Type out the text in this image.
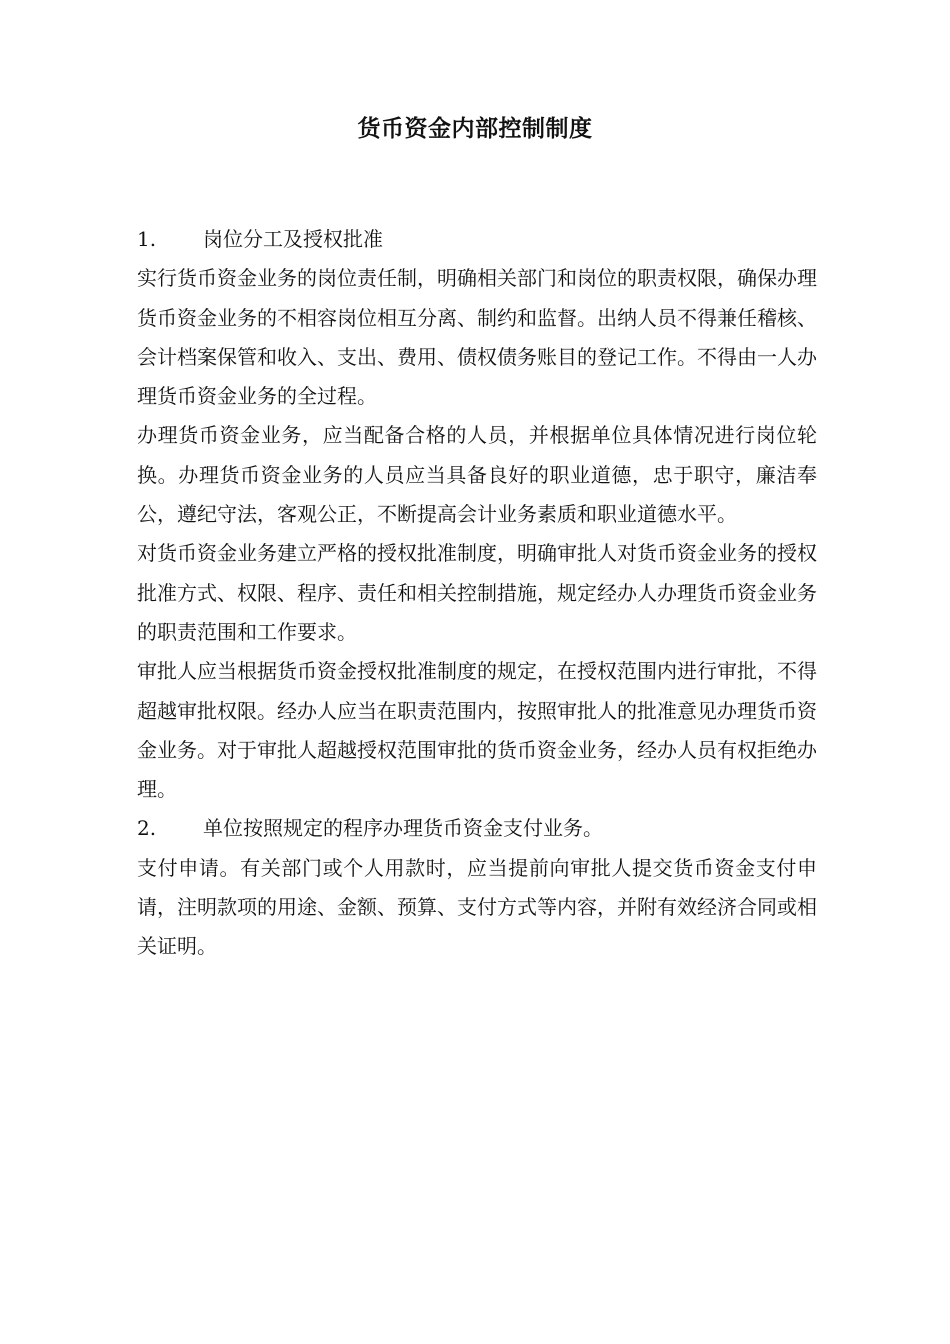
货币资金内部控制制度
1.	岗位分工及授权批准

实行货币资金业务的岗位责任制，明确相关部门和岗位的职责权限，确保办理货币资金业务的不相容岗位相互分离、制约和监督。出纳人员不得兼任稽核、会计档案保管和收入、支出、费用、债权债务账目的登记工作。不得由一人办理货币资金业务的全过程。

办理货币资金业务，应当配备合格的人员，并根据单位具体情况进行岗位轮换。办理货币资金业务的人员应当具备良好的职业道德，忠于职守，廉洁奉公，遵纪守法，客观公正，不断提高会计业务素质和职业道德水平。

对货币资金业务建立严格的授权批准制度，明确审批人对货币资金业务的授权批准方式、权限、程序、责任和相关控制措施，规定经办人办理货币资金业务的职责范围和工作要求。

审批人应当根据货币资金授权批准制度的规定，在授权范围内进行审批，不得超越审批权限。经办人应当在职责范围内，按照审批人的批准意见办理货币资金业务。对于审批人超越授权范围审批的货币资金业务，经办人员有权拒绝办理。

2.	单位按照规定的程序办理货币资金支付业务。

支付申请。有关部门或个人用款时，应当提前向审批人提交货币资金支付申请，注明款项的用途、金额、预算、支付方式等内容，并附有效经济合同或相关证明。
